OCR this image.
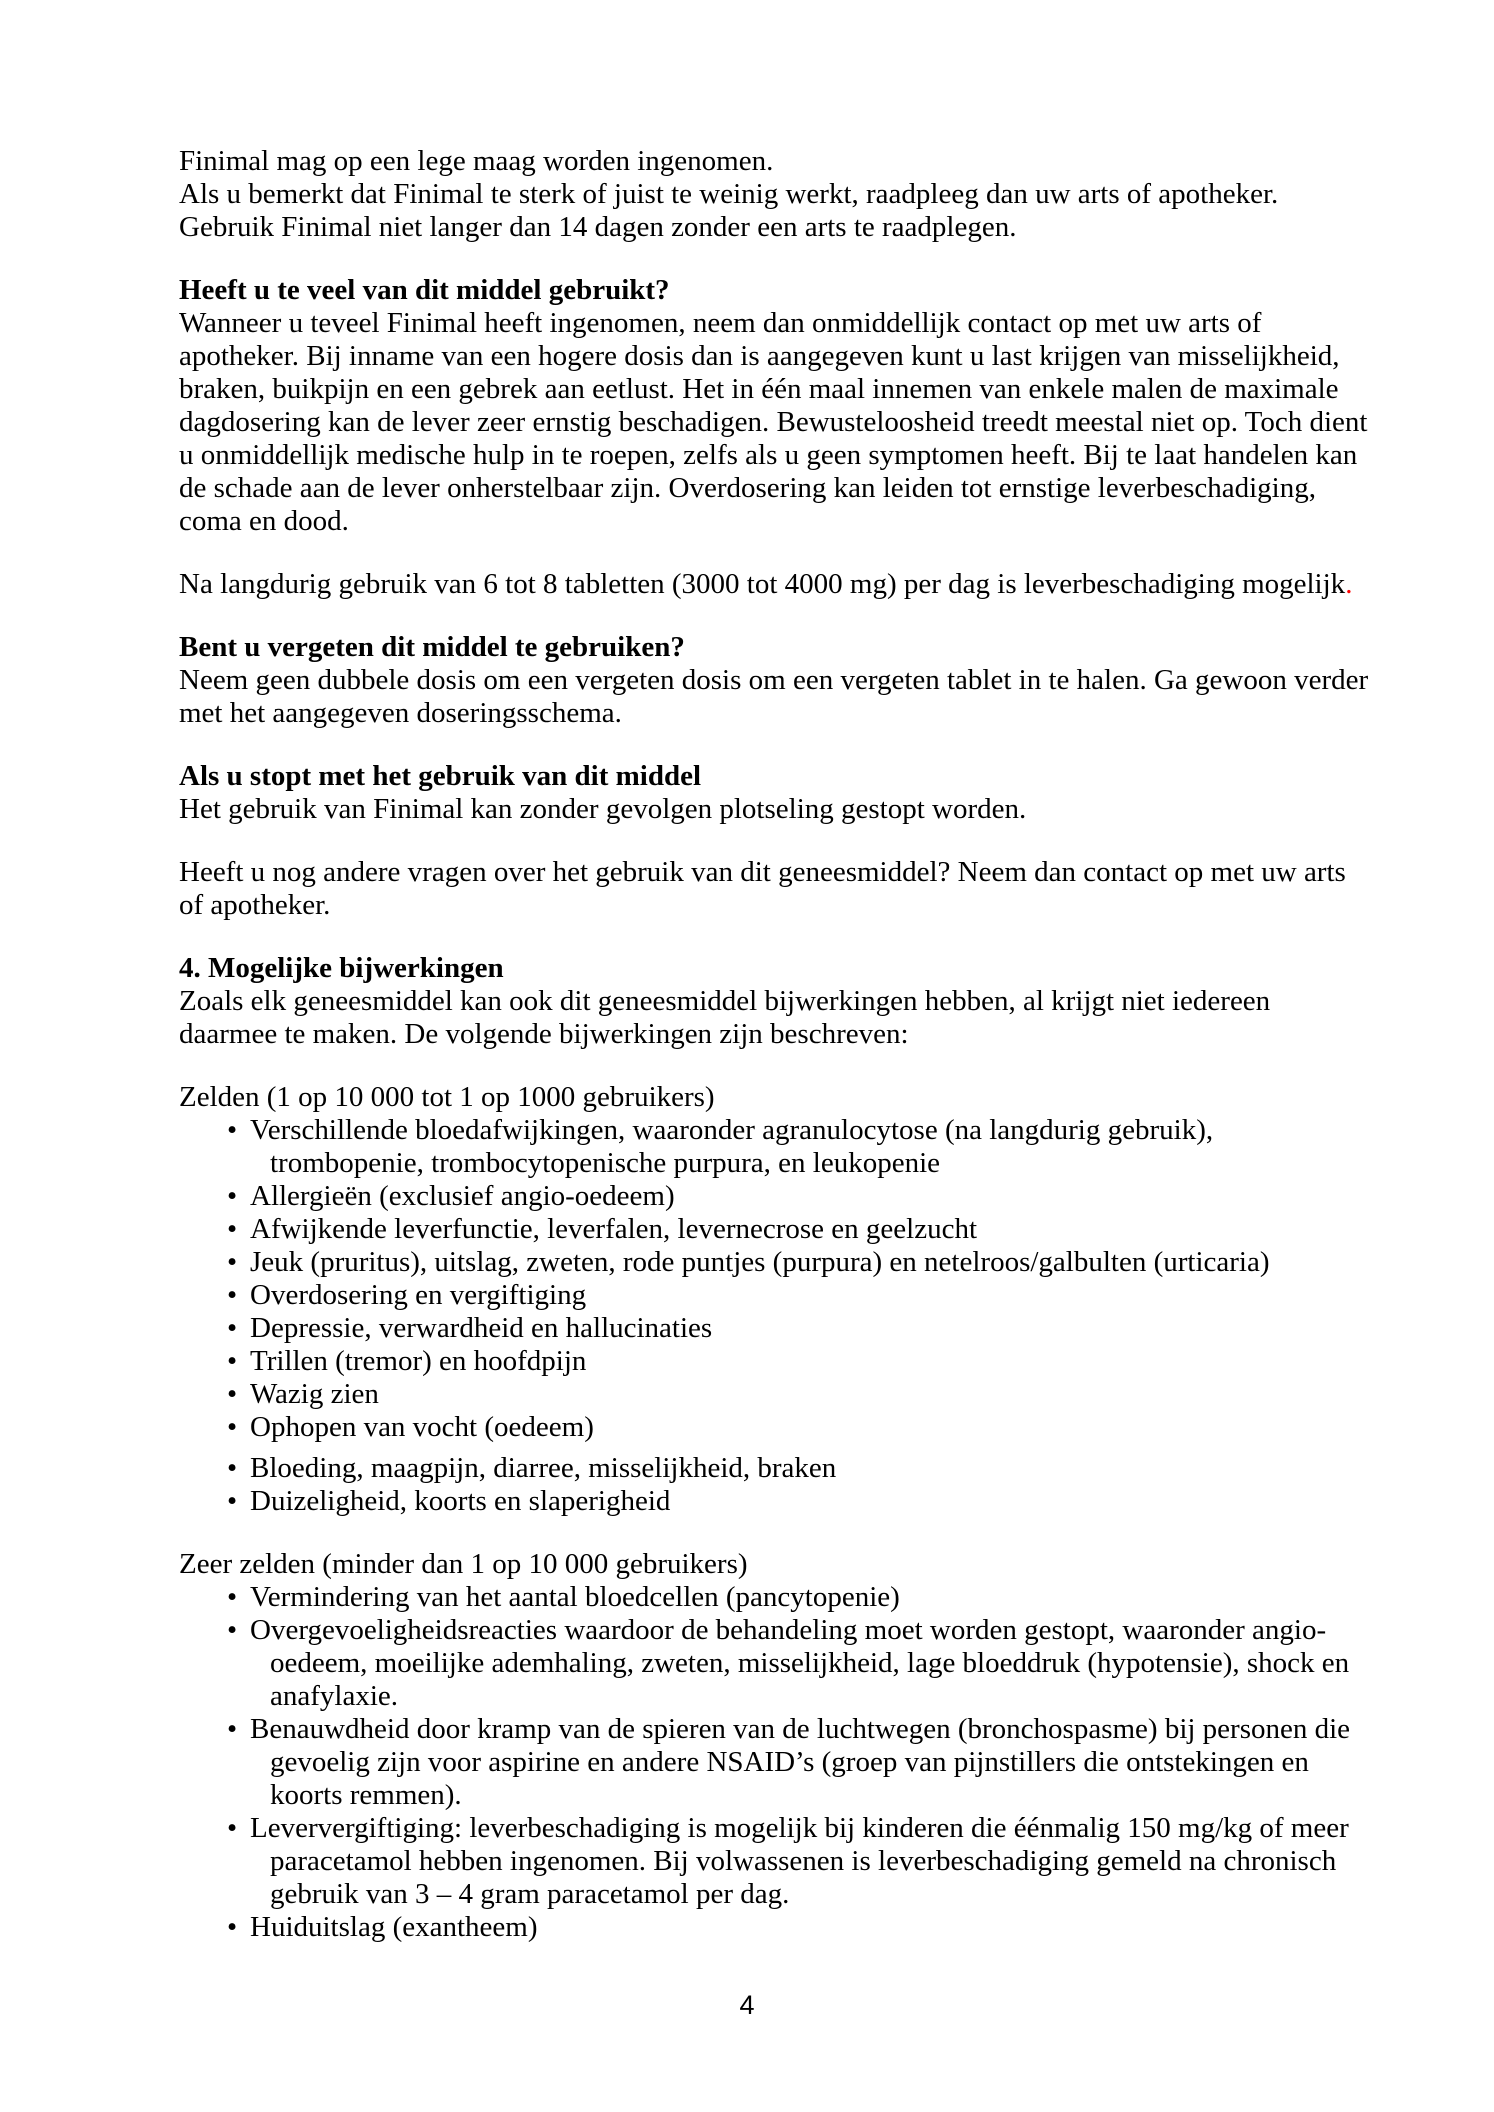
Finimal mag op een lege maag worden ingenomen.
Als u bemerkt dat Finimal te sterk of juist te weinig werkt, raadpleeg dan uw arts of apotheker.
Gebruik Finimal niet langer dan 14 dagen zonder een arts te raadplegen.
Heeft u te veel van dit middel gebruikt?
Wanneer u teveel Finimal heeft ingenomen, neem dan onmiddellijk contact op met uw arts of
apotheker. Bij inname van een hogere dosis dan is aangegeven kunt u last krijgen van misselijkheid,
braken, buikpijn en een gebrek aan eetlust. Het in één maal innemen van enkele malen de maximale
dagdosering kan de lever zeer ernstig beschadigen. Bewusteloosheid treedt meestal niet op. Toch dient
u onmiddellijk medische hulp in te roepen, zelfs als u geen symptomen heeft. Bij te laat handelen kan
de schade aan de lever onherstelbaar zijn. Overdosering kan leiden tot ernstige leverbeschadiging,
coma en dood.
Na langdurig gebruik van 6 tot 8 tabletten (3000 tot 4000 mg) per dag is leverbeschadiging mogelijk.
Bent u vergeten dit middel te gebruiken?
Neem geen dubbele dosis om een vergeten dosis om een vergeten tablet in te halen. Ga gewoon verder
met het aangegeven doseringsschema.
Als u stopt met het gebruik van dit middel
Het gebruik van Finimal kan zonder gevolgen plotseling gestopt worden.
Heeft u nog andere vragen over het gebruik van dit geneesmiddel? Neem dan contact op met uw arts
of apotheker.
4. Mogelijke bijwerkingen
Zoals elk geneesmiddel kan ook dit geneesmiddel bijwerkingen hebben, al krijgt niet iedereen
daarmee te maken. De volgende bijwerkingen zijn beschreven:
Zelden (1 op 10 000 tot 1 op 1000 gebruikers)
• Verschillende bloedafwijkingen, waaronder agranulocytose (na langdurig gebruik),
trombopenie, trombocytopenische purpura, en leukopenie
• Allergieën (exclusief angio-oedeem)
• Afwijkende leverfunctie, leverfalen, levernecrose en geelzucht
• Jeuk (pruritus), uitslag, zweten, rode puntjes (purpura) en netelroos/galbulten (urticaria)
• Overdosering en vergiftiging
• Depressie, verwardheid en hallucinaties
• Trillen (tremor) en hoofdpijn
• Wazig zien
• Ophopen van vocht (oedeem)
• Bloeding, maagpijn, diarree, misselijkheid, braken
• Duizeligheid, koorts en slaperigheid
Zeer zelden (minder dan 1 op 10 000 gebruikers)
• Vermindering van het aantal bloedcellen (pancytopenie)
• Overgevoeligheidsreacties waardoor de behandeling moet worden gestopt, waaronder angio-
oedeem, moeilijke ademhaling, zweten, misselijkheid, lage bloeddruk (hypotensie), shock en
anafylaxie.
• Benauwdheid door kramp van de spieren van de luchtwegen (bronchospasme) bij personen die
gevoelig zijn voor aspirine en andere NSAID’s (groep van pijnstillers die ontstekingen en
koorts remmen).
• Leververgiftiging: leverbeschadiging is mogelijk bij kinderen die éénmalig 150 mg/kg of meer
paracetamol hebben ingenomen. Bij volwassenen is leverbeschadiging gemeld na chronisch
gebruik van 3 – 4 gram paracetamol per dag.
• Huiduitslag (exantheem)
4
